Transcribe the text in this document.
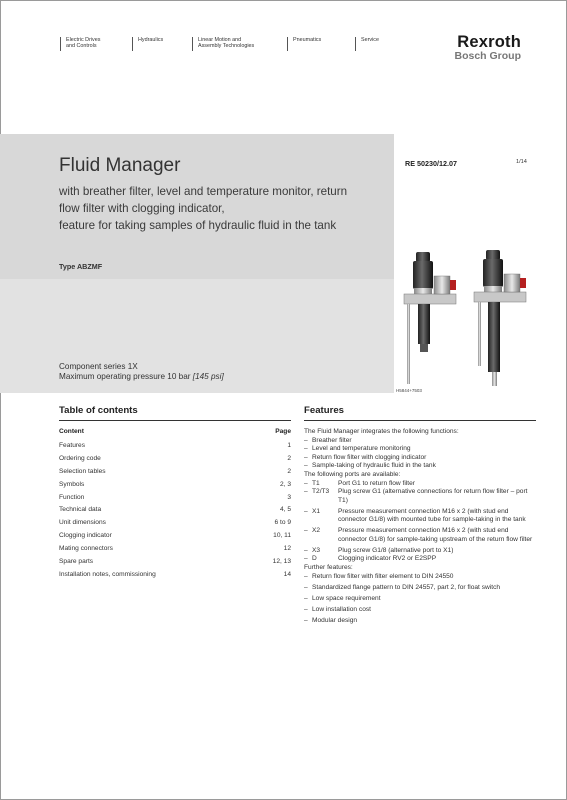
Electric Drives
and Controls
Hydraulics	Linear Motion and
Assembly Technologies
Pneumatics	Service	Rexroth
Bosch Group
Fluid Manager
with breather filter, level and temperature monitor, return
flow filter with clogging indicator,
feature for taking samples of hydraulic fluid in the tank
Type ABZMF
Component series 1X
Maximum operating pressure 10 bar [145 psi]
RE 50230/12.07	1/14
H5844+7503
Table of contents	Features
Content	Page
Features	1
Ordering code	2
Selection tables	2
Symbols	2, 3
Function	3
Technical data	4, 5
Unit dimensions	6 to 9
Clogging indicator	10, 11
Mating connectors	12
Spare parts	12, 13
Installation notes, commissioning	14

The Fluid Manager integrates the following functions:

– Breather filter
– Level and temperature monitoring
– Return flow filter with clogging indicator
– Sample-taking of hydraulic fluid in the tank

The following ports are available:

– T1	Port G1 to return flow filter
– T2/T3	Plug screw G1 (alternative connections for return flow filter – port T1)
– X1	Pressure measurement connection M16 x 2 (with stud end connector G1/8) with mounted tube for sample-taking in the tank
– X2	Pressure measurement connection M16 x 2 (with stud end connector G1/8) for sample-taking upstream of the return flow filter
– X3	Plug screw G1/8 (alternative port to X1)
– D	Clogging indicator RV2 or E2SPP

Further features:

– Return flow filter with filter element to DIN 24550
– Standardized flange pattern to DIN 24557, part 2, for float switch
– Low space requirement
– Low installation cost
– Modular design
